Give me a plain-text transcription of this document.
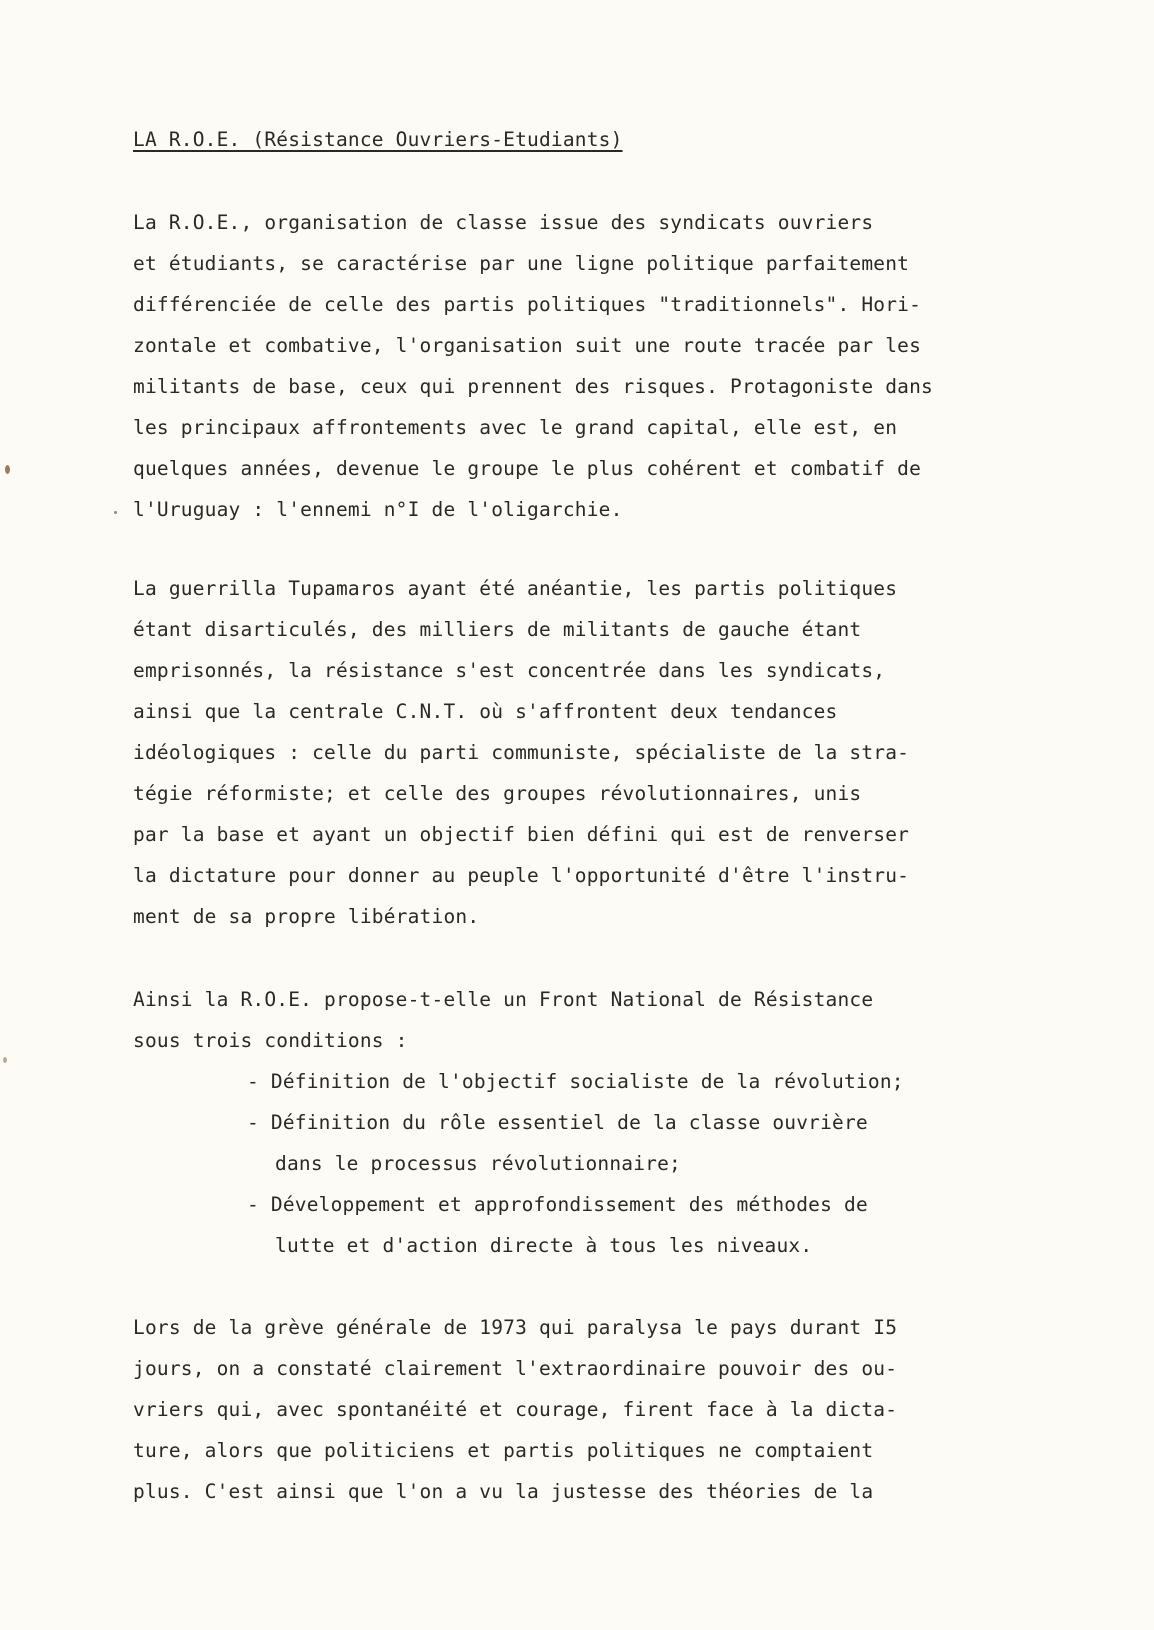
LA R.O.E. (Résistance Ouvriers-Etudiants)
La R.O.E., organisation de classe issue des syndicats ouvriers
et étudiants, se caractérise par une ligne politique parfaitement
différenciée de celle des partis politiques "traditionnels". Hori-
zontale et combative, l'organisation suit une route tracée par les
militants de base, ceux qui prennent des risques. Protagoniste dans
les principaux affrontements avec le grand capital, elle est, en
quelques années, devenue le groupe le plus cohérent et combatif de
l'Uruguay : l'ennemi n°I de l'oligarchie.
La guerrilla Tupamaros ayant été anéantie, les partis politiques
étant disarticulés, des milliers de militants de gauche étant
emprisonnés, la résistance s'est concentrée dans les syndicats,
ainsi que la centrale C.N.T. où s'affrontent deux tendances
idéologiques : celle du parti communiste, spécialiste de la stra-
tégie réformiste; et celle des groupes révolutionnaires, unis
par la base et ayant un objectif bien défini qui est de renverser
la dictature pour donner au peuple l'opportunité d'être l'instru-
ment de sa propre libération.
Ainsi la R.O.E. propose-t-elle un Front National de Résistance
sous trois conditions :
- Définition de l'objectif socialiste de la révolution;
- Définition du rôle essentiel de la classe ouvrière
dans le processus révolutionnaire;
- Développement et approfondissement des méthodes de
lutte et d'action directe à tous les niveaux.
Lors de la grève générale de 1973 qui paralysa le pays durant I5
jours, on a constaté clairement l'extraordinaire pouvoir des ou-
vriers qui, avec spontanéité et courage, firent face à la dicta-
ture, alors que politiciens et partis politiques ne comptaient
plus. C'est ainsi que l'on a vu la justesse des théories de la
